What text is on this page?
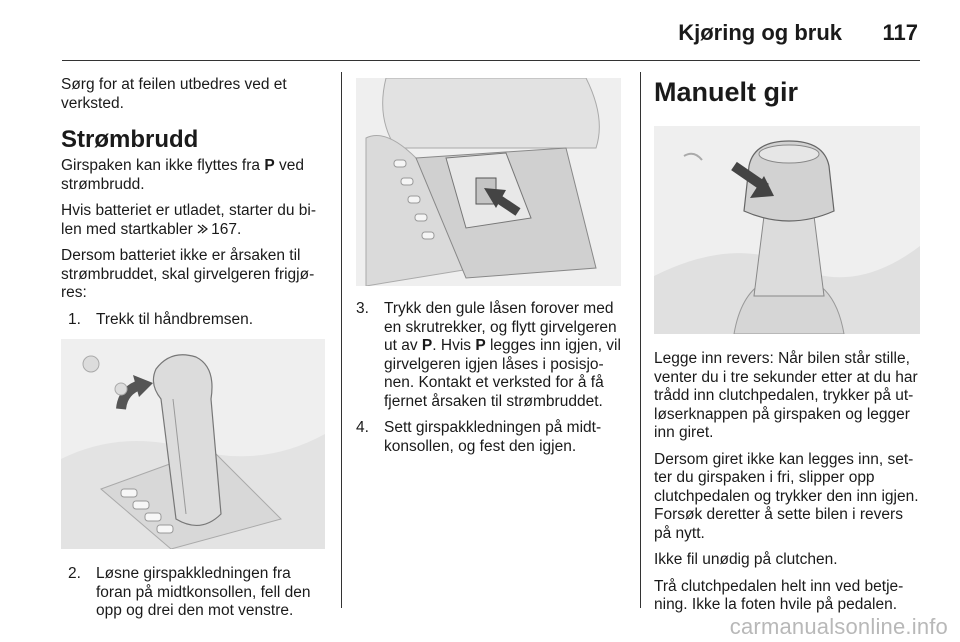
Kjøring og bruk 117

Sørg for at feilen utbedres ved et verksted.

Strømbrudd

Girspaken kan ikke flyttes fra P ved strømbrudd.

Hvis batteriet er utladet, starter du bi-len med startkabler 167.

Dersom batteriet ikke er årsaken til strømbruddet, skal girvelgeren frigjø-res:

1. Trekk til håndbremsen.
2. Løsne girspakkledningen fra foran på midtkonsollen, fell den opp og drei den mot venstre.
3. Trykk den gule låsen forover med en skrutrekker, og flytt girvelgeren ut av P. Hvis P legges inn igjen, vil girvelgeren igjen låses i posisjo-nen. Kontakt et verksted for å få fjernet årsaken til strømbruddet.
4. Sett girspakkledningen på midt-konsollen, og fest den igjen.
Manuelt gir

Legge inn revers: Når bilen står stille, venter du i tre sekunder etter at du har trådd inn clutchpedalen, trykker på ut-løserknappen på girspaken og legger inn giret.

Dersom giret ikke kan legges inn, set-ter du girspaken i fri, slipper opp clutchpedalen og trykker den inn igjen. Forsøk deretter å sette bilen i revers på nytt.

Ikke fil unødig på clutchen.

Trå clutchpedalen helt inn ved betje-ning. Ikke la foten hvile på pedalen.

carmanualsonline.info
